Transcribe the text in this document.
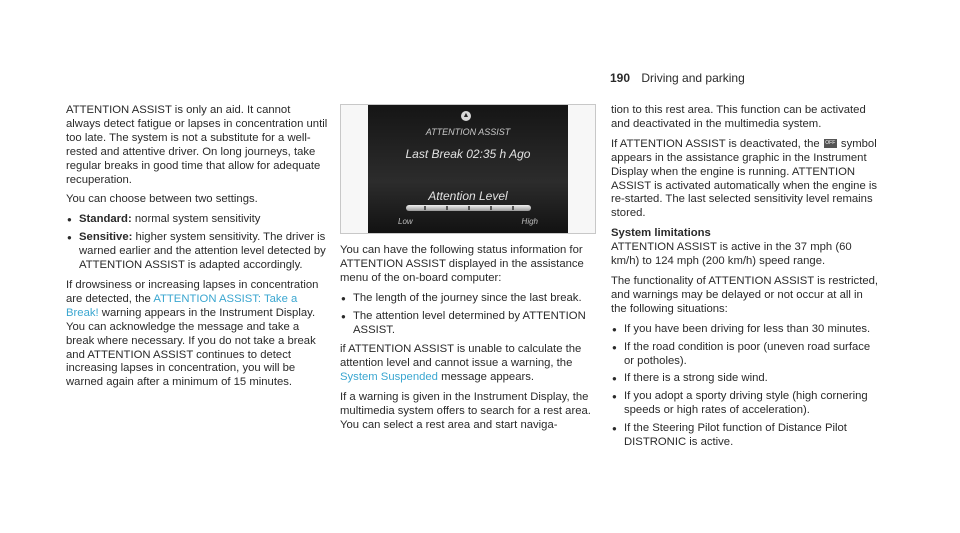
190 Driving and parking

ATTENTION ASSIST is only an aid. It cannot always detect fatigue or lapses in concentration until too late. The system is not a substitute for a well-rested and attentive driver. On long journeys, take regular breaks in good time that allow for adequate recuperation.

You can choose between two settings.

● Standard: normal system sensitivity
● Sensitive: higher system sensitivity. The driver is warned earlier and the attention level detected by ATTENTION ASSIST is adapted accordingly.

If drowsiness or increasing lapses in concentration are detected, the ATTENTION ASSIST: Take a Break! warning appears in the Instrument Display. You can acknowledge the message and take a break where necessary. If you do not take a break and ATTENTION ASSIST continues to detect increasing lapses in concentration, you will be warned again after a minimum of 15 minutes.

▲
ATTENTION ASSIST
Last Break 02:35 h Ago
Attention Level
Low	High

You can have the following status information for ATTENTION ASSIST displayed in the assistance menu of the on-board computer:

● The length of the journey since the last break.
● The attention level determined by ATTENTION ASSIST.

if ATTENTION ASSIST is unable to calculate the attention level and cannot issue a warning, the System Suspended message appears.

If a warning is given in the Instrument Display, the multimedia system offers to search for a rest area. You can select a rest area and start naviga-

tion to this rest area. This function can be activated and deactivated in the multimedia system.

If ATTENTION ASSIST is deactivated, the OFF symbol appears in the assistance graphic in the Instrument Display when the engine is running. ATTENTION ASSIST is activated automatically when the engine is re-started. The last selected sensitivity level remains stored.

System limitations

ATTENTION ASSIST is active in the 37 mph (60 km/h) to 124 mph (200 km/h) speed range.

The functionality of ATTENTION ASSIST is restricted, and warnings may be delayed or not occur at all in the following situations:

● If you have been driving for less than 30 minutes.
● If the road condition is poor (uneven road surface or potholes).
● If there is a strong side wind.
● If you adopt a sporty driving style (high cornering speeds or high rates of acceleration).
● If the Steering Pilot function of Distance Pilot DISTRONIC is active.
